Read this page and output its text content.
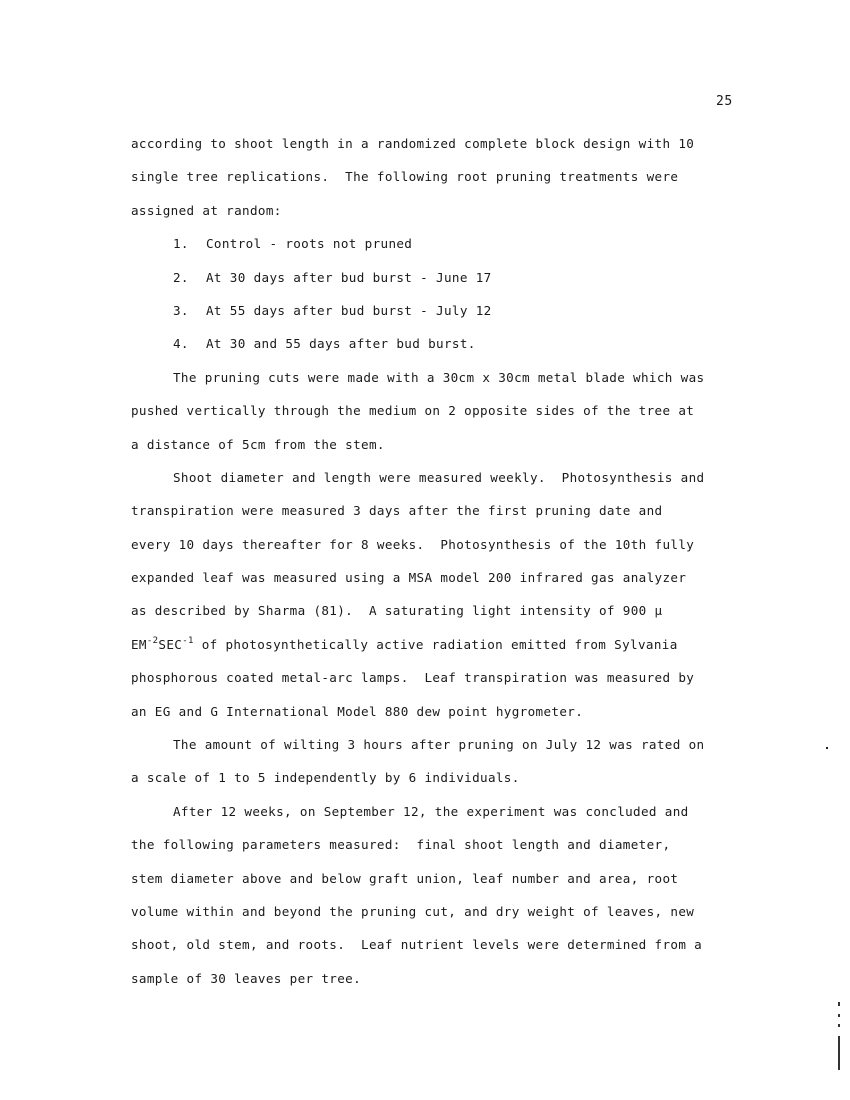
25
according to shoot length in a randomized complete block design with 10
single tree replications.  The following root pruning treatments were
assigned at random:
1. Control - roots not pruned
2. At 30 days after bud burst - June 17
3. At 55 days after bud burst - July 12
4. At 30 and 55 days after bud burst.
The pruning cuts were made with a 30cm x 30cm metal blade which was
pushed vertically through the medium on 2 opposite sides of the tree at
a distance of 5cm from the stem.
Shoot diameter and length were measured weekly.  Photosynthesis and
transpiration were measured 3 days after the first pruning date and
every 10 days thereafter for 8 weeks.  Photosynthesis of the 10th fully
expanded leaf was measured using a MSA model 200 infrared gas analyzer
as described by Sharma (81).  A saturating light intensity of 900 μ
$EM^{-2}SEC^{-1}$ of photosynthetically active radiation emitted from Sylvania
phosphorous coated metal-arc lamps.  Leaf transpiration was measured by
an EG and G International Model 880 dew point hygrometer.
The amount of wilting 3 hours after pruning on July 12 was rated on
a scale of 1 to 5 independently by 6 individuals.
After 12 weeks, on September 12, the experiment was concluded and
the following parameters measured:  final shoot length and diameter,
stem diameter above and below graft union, leaf number and area, root
volume within and beyond the pruning cut, and dry weight of leaves, new
shoot, old stem, and roots.  Leaf nutrient levels were determined from a
sample of 30 leaves per tree.
